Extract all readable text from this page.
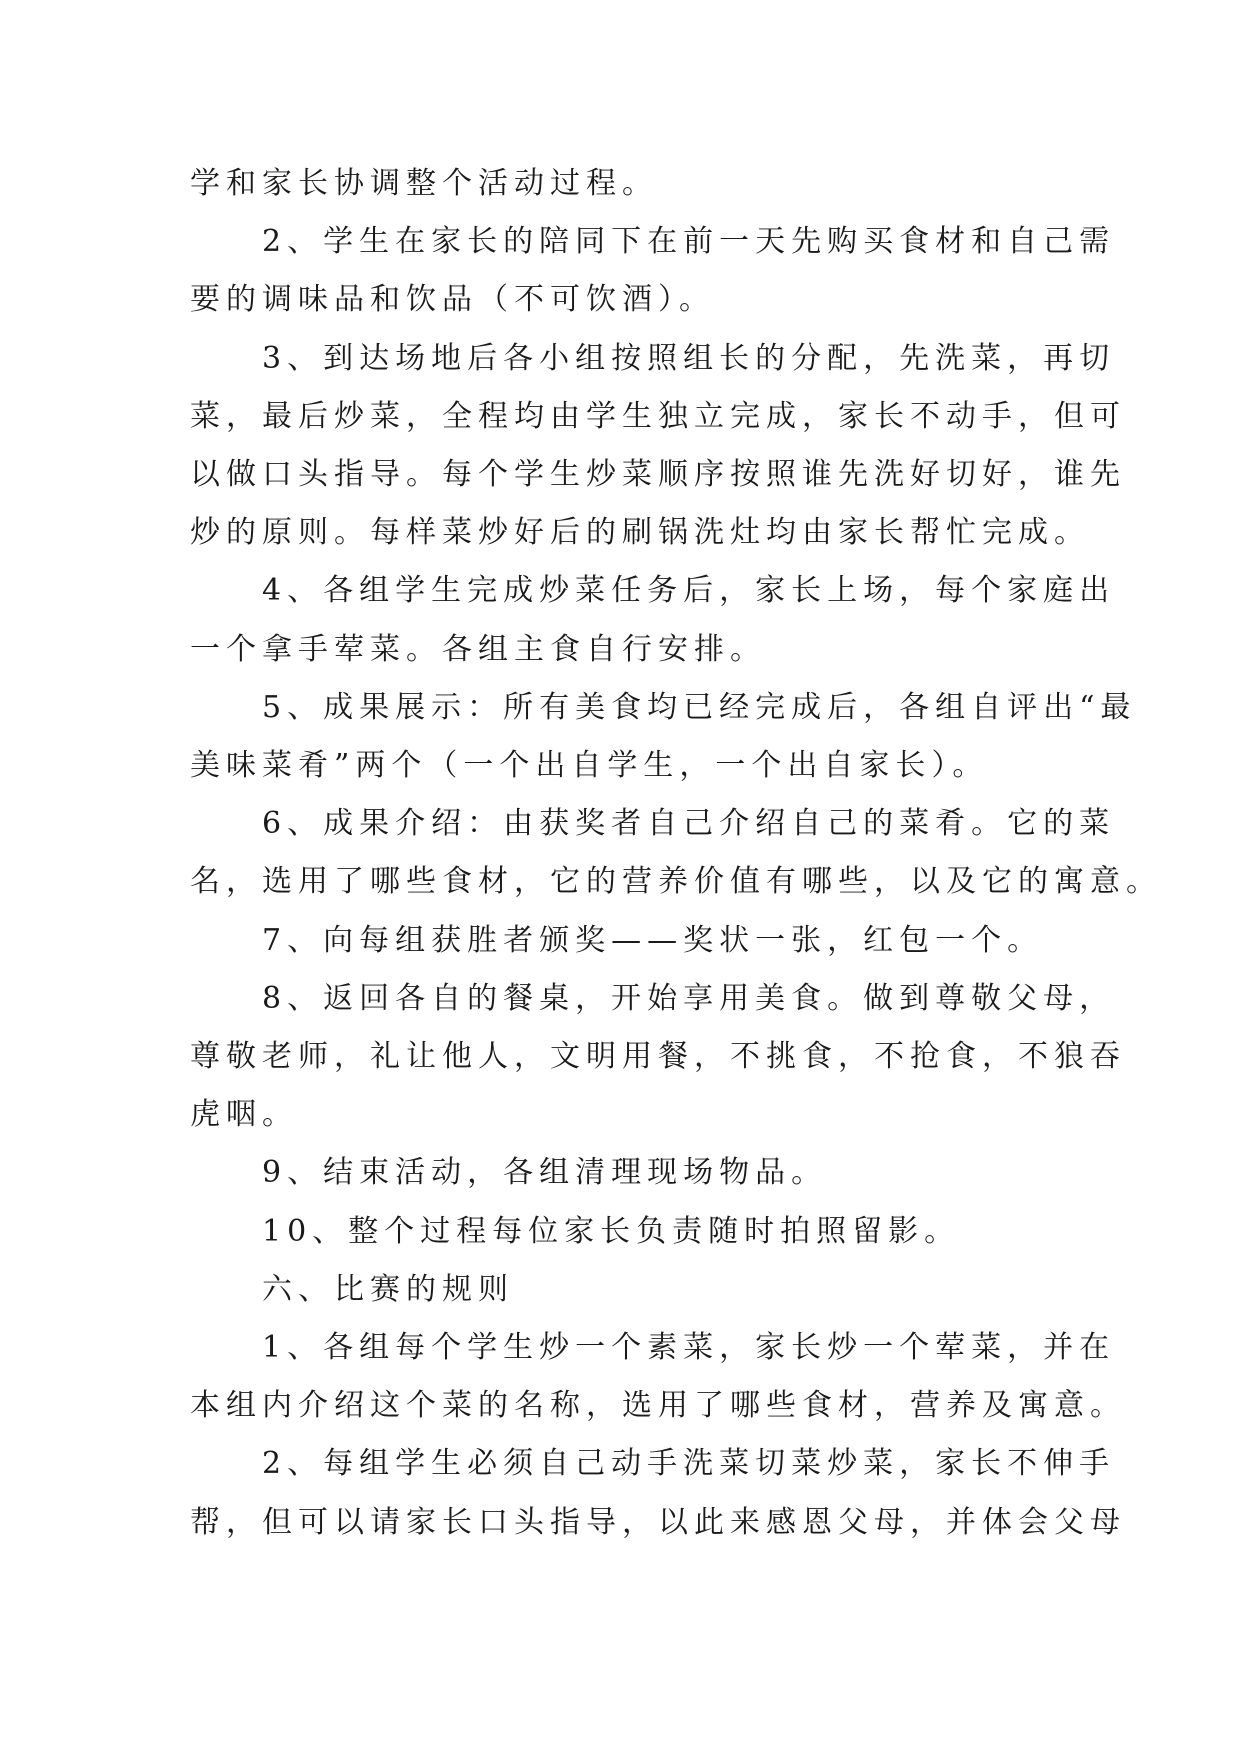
学和家长协调整个活动过程。
　　2、学生在家长的陪同下在前一天先购买食材和自己需
要的调味品和饮品（不可饮酒）。
　　3、到达场地后各小组按照组长的分配，先洗菜，再切
菜，最后炒菜，全程均由学生独立完成，家长不动手，但可
以做口头指导。每个学生炒菜顺序按照谁先洗好切好，谁先
炒的原则。每样菜炒好后的刷锅洗灶均由家长帮忙完成。
　　4、各组学生完成炒菜任务后，家长上场，每个家庭出
一个拿手荤菜。各组主食自行安排。
　　5、成果展示：所有美食均已经完成后，各组自评出“最
美味菜肴”两个（一个出自学生，一个出自家长）。
　　6、成果介绍：由获奖者自己介绍自己的菜肴。它的菜
名，选用了哪些食材，它的营养价值有哪些，以及它的寓意。
　　7、向每组获胜者颁奖——奖状一张，红包一个。
　　8、返回各自的餐桌，开始享用美食。做到尊敬父母，
尊敬老师，礼让他人，文明用餐，不挑食，不抢食，不狼吞
虎咽。
　　9、结束活动，各组清理现场物品。
　　10、整个过程每位家长负责随时拍照留影。
　　六、比赛的规则
　　1、各组每个学生炒一个素菜，家长炒一个荤菜，并在
本组内介绍这个菜的名称，选用了哪些食材，营养及寓意。
　　2、每组学生必须自己动手洗菜切菜炒菜，家长不伸手
帮，但可以请家长口头指导，以此来感恩父母，并体会父母
